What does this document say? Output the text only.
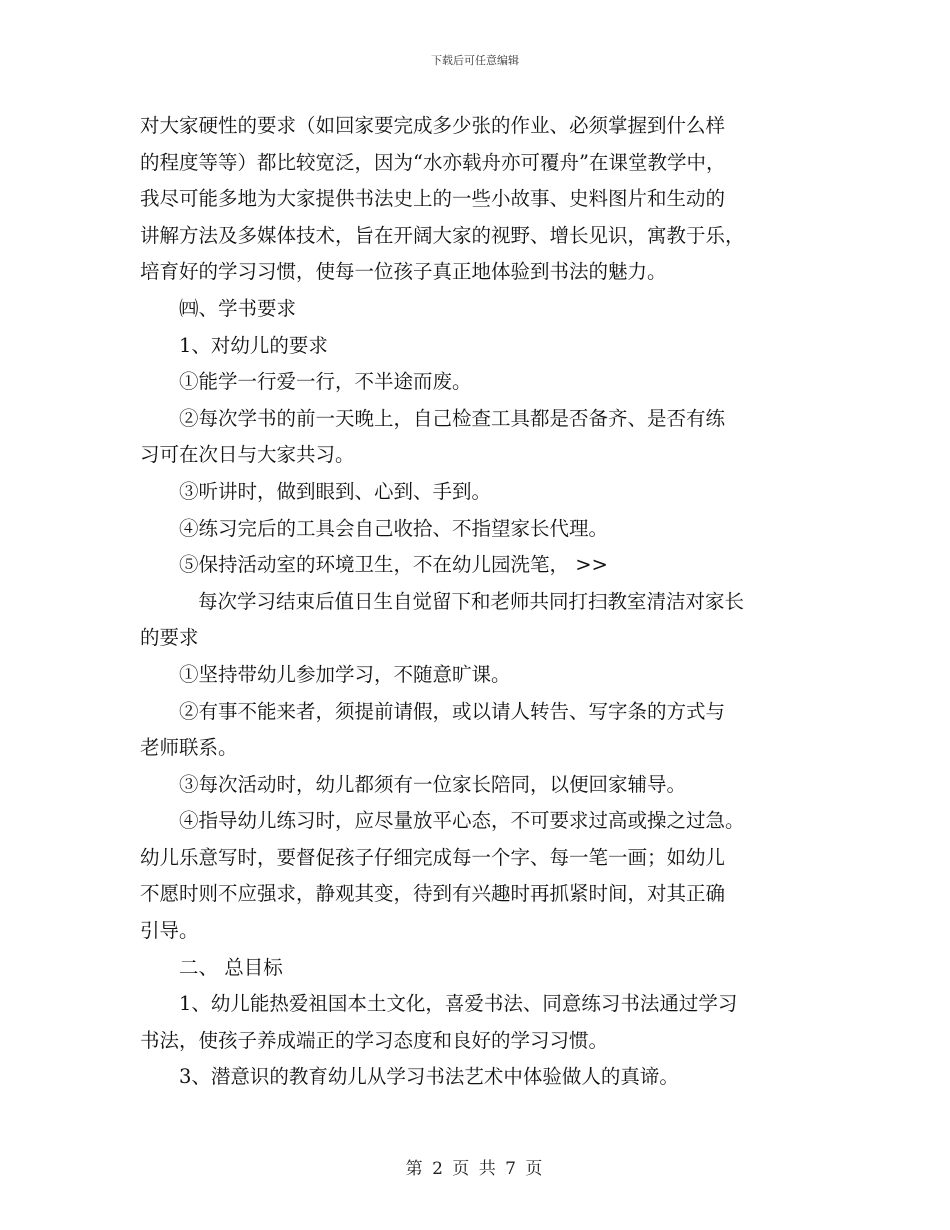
下载后可任意编辑
对大家硬性的要求（如回家要完成多少张的作业、必须掌握到什么样
的程度等等）都比较宽泛，因为“水亦载舟亦可覆舟”在课堂教学中，
我尽可能多地为大家提供书法史上的一些小故事、史料图片和生动的
讲解方法及多媒体技术，旨在开阔大家的视野、增长见识，寓教于乐，
培育好的学习习惯，使每一位孩子真正地体验到书法的魅力。
㈣、学书要求
1、对幼儿的要求
①能学一行爱一行，不半途而废。
②每次学书的前一天晚上，自己检查工具都是否备齐、是否有练
习可在次日与大家共习。
③听讲时，做到眼到、心到、手到。
④练习完后的工具会自己收拾、不指望家长代理。
⑤保持活动室的环境卫生，不在幼儿园洗笔， >>
每次学习结束后值日生自觉留下和老师共同打扫教室清洁对家长
的要求
①坚持带幼儿参加学习，不随意旷课。
②有事不能来者，须提前请假，或以请人转告、写字条的方式与
老师联系。
③每次活动时，幼儿都须有一位家长陪同，以便回家辅导。
④指导幼儿练习时，应尽量放平心态，不可要求过高或操之过急。
幼儿乐意写时，要督促孩子仔细完成每一个字、每一笔一画；如幼儿
不愿时则不应强求，静观其变，待到有兴趣时再抓紧时间，对其正确
引导。
二、 总目标
1、幼儿能热爱祖国本土文化，喜爱书法、同意练习书法通过学习
书法，使孩子养成端正的学习态度和良好的学习习惯。
3、潜意识的教育幼儿从学习书法艺术中体验做人的真谛。
第 2 页 共 7 页
